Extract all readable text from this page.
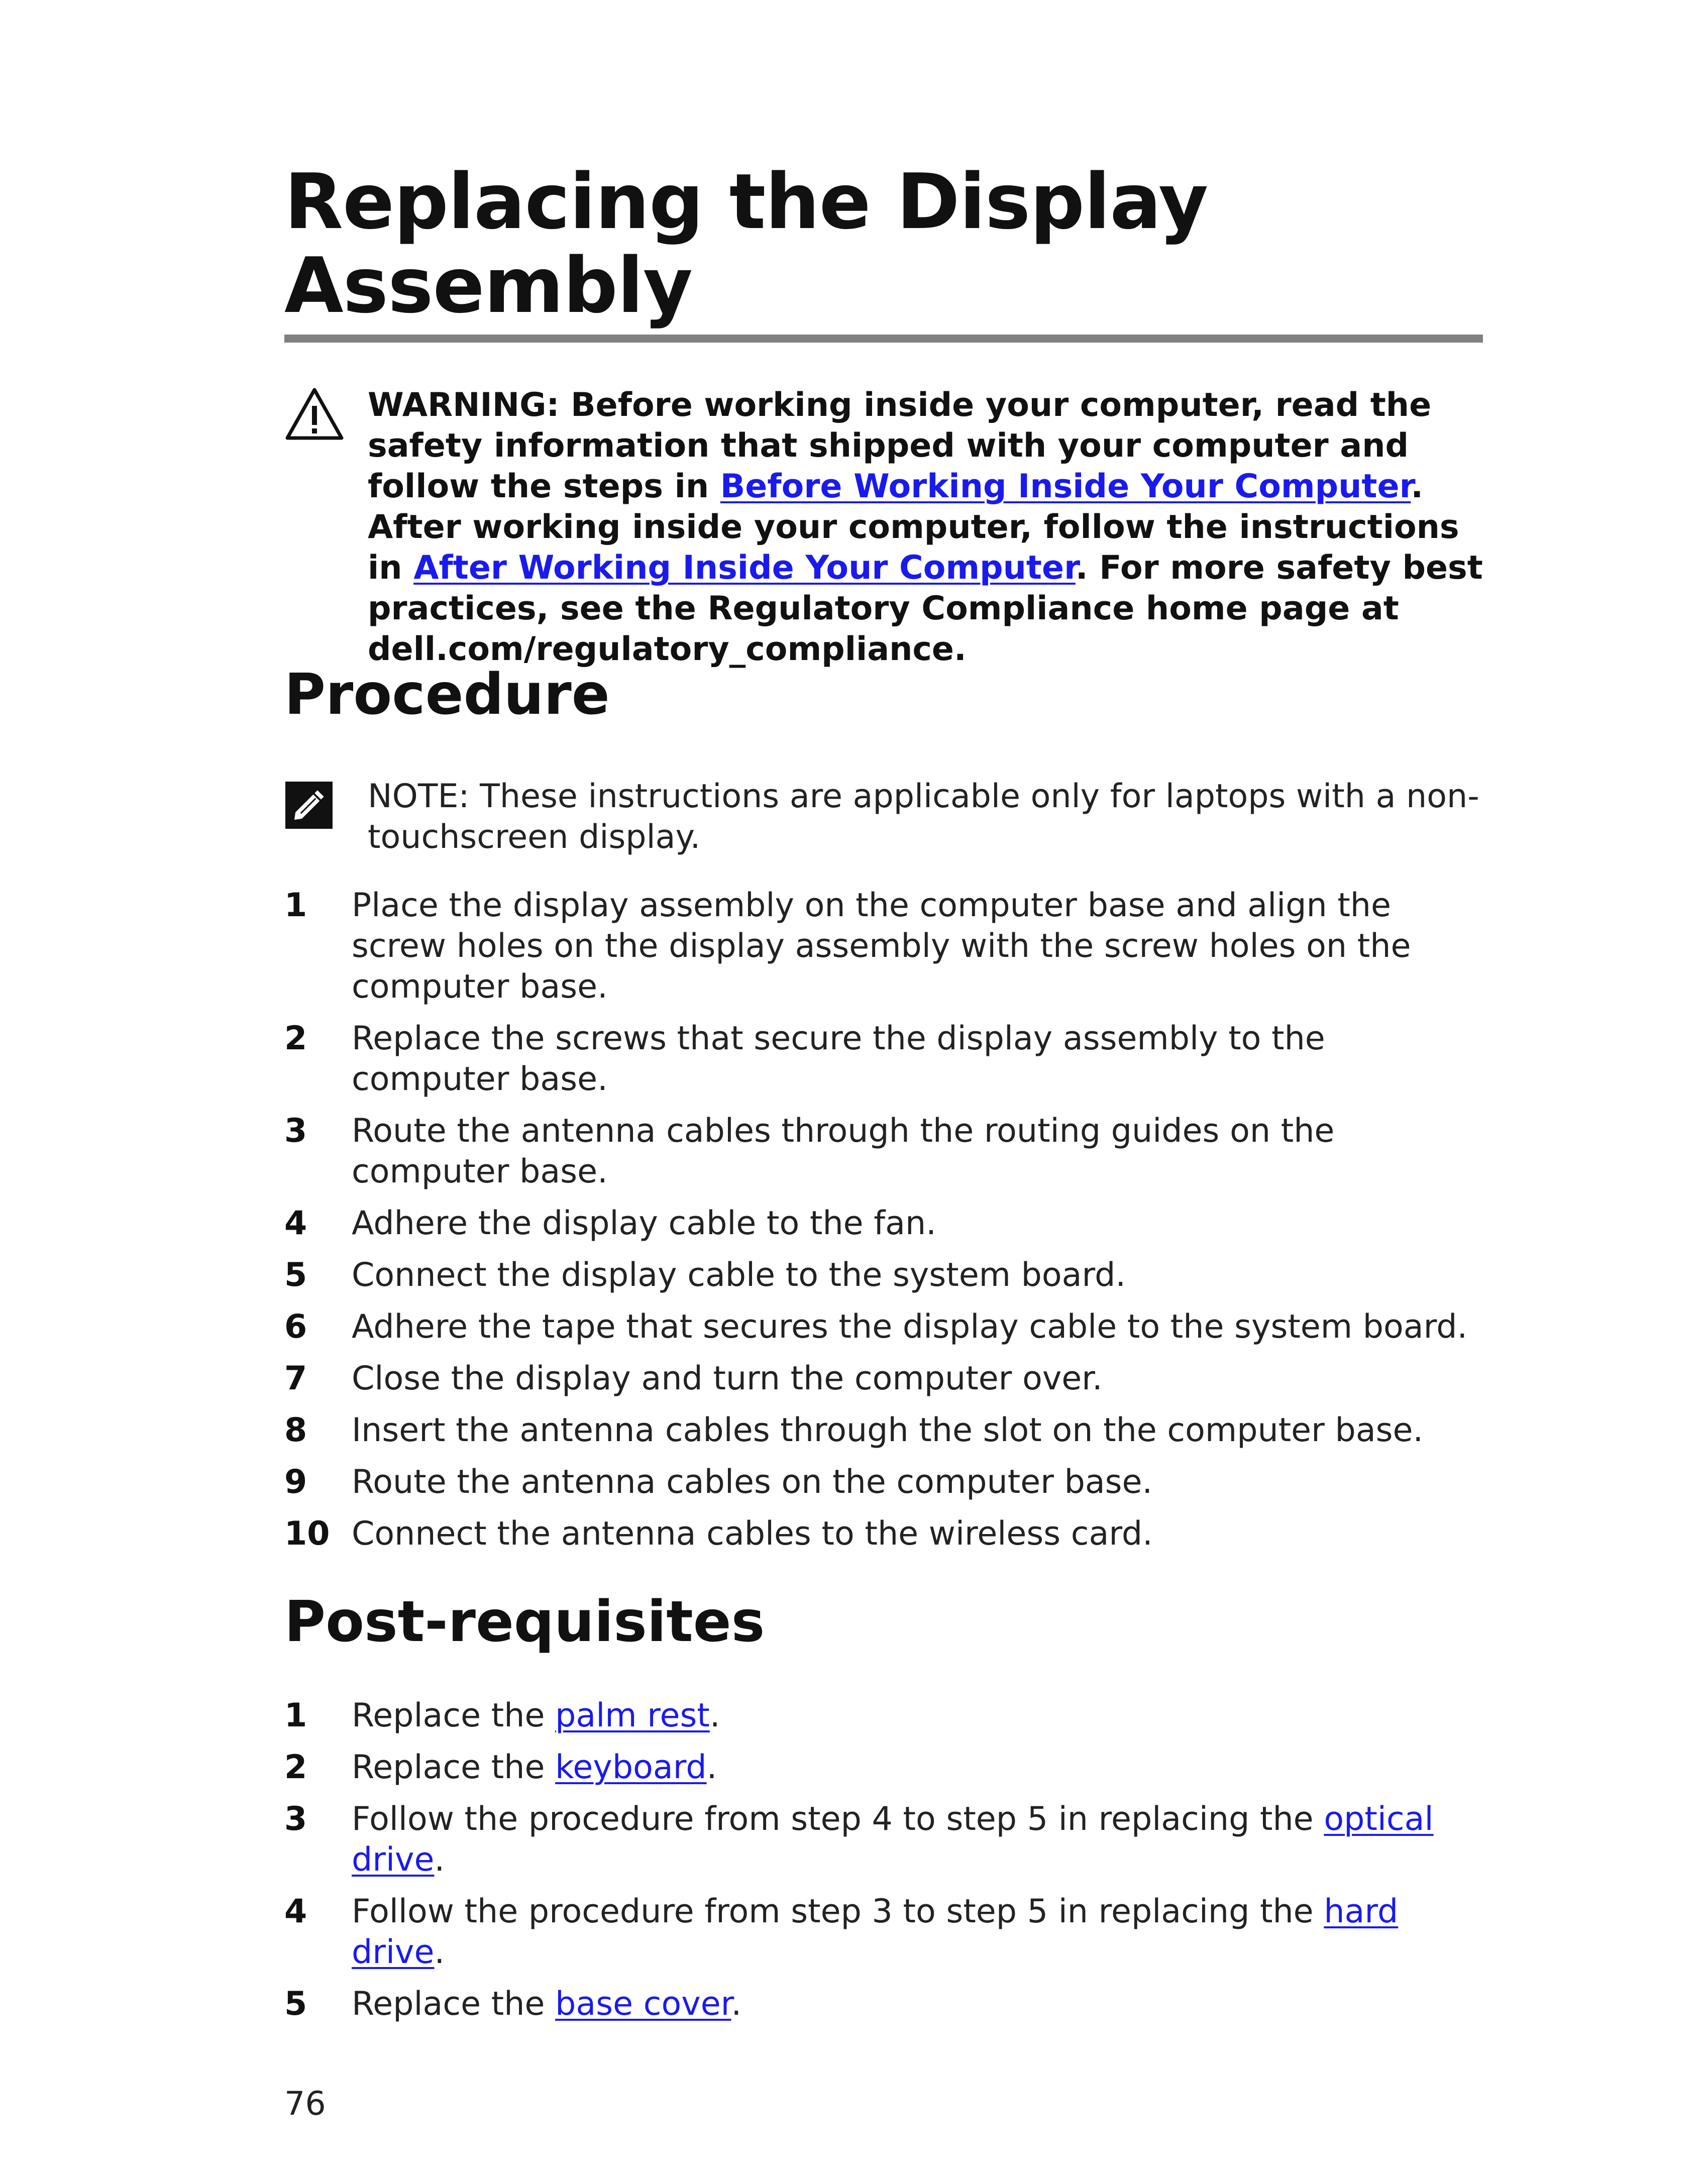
Replacing the Display
Assembly

WARNING: Before working inside your computer, read the safety information that shipped with your computer and follow the steps in Before Working Inside Your Computer. After working inside your computer, follow the instructions in After Working Inside Your Computer. For more safety best practices, see the Regulatory Compliance home page at dell.com/regulatory_compliance.

Procedure

NOTE: These instructions are applicable only for laptops with a non-touchscreen display.

1 Place the display assembly on the computer base and align the screw holes on the display assembly with the screw holes on the computer base.
2 Replace the screws that secure the display assembly to the computer base.
3 Route the antenna cables through the routing guides on the computer base.
4 Adhere the display cable to the fan.
5 Connect the display cable to the system board.
6 Adhere the tape that secures the display cable to the system board.
7 Close the display and turn the computer over.
8 Insert the antenna cables through the slot on the computer base.
9 Route the antenna cables on the computer base.
10 Connect the antenna cables to the wireless card.
Post-requisites
1 Replace the palm rest.
2 Replace the keyboard.
3 Follow the procedure from step 4 to step 5 in replacing the optical drive.
4 Follow the procedure from step 3 to step 5 in replacing the hard drive.
5 Replace the base cover.
76
